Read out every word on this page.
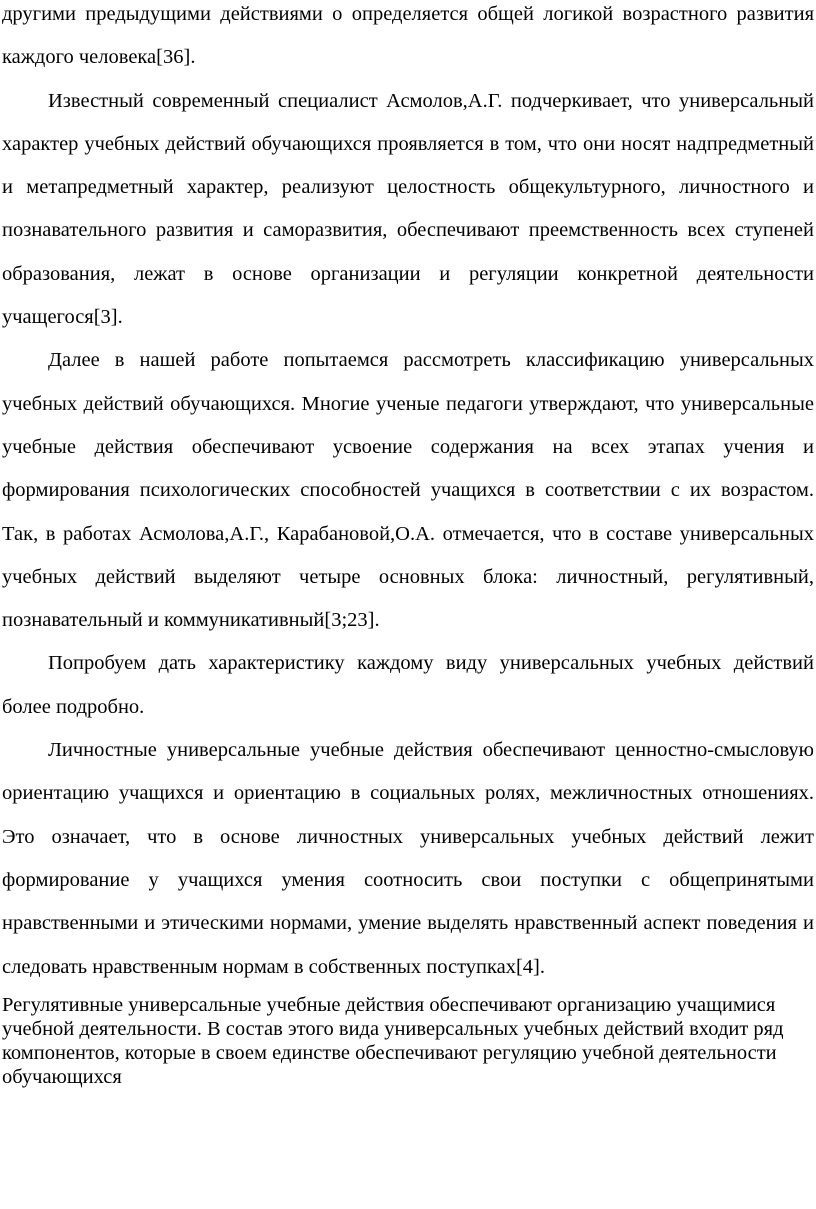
другими предыдущими действиями о определяется общей логикой возрастного развития каждого человека[36].

Известный современный специалист Асмолов,А.Г. подчеркивает, что универсальный характер учебных действий обучающихся проявляется в том, что они носят надпредметный и метапредметный характер, реализуют целостность общекультурного, личностного и познавательного развития и саморазвития, обеспечивают преемственность всех ступеней образования, лежат в основе организации и регуляции конкретной деятельности учащегося[3].

Далее в нашей работе попытаемся рассмотреть классификацию универсальных учебных действий обучающихся. Многие ученые педагоги утверждают, что универсальные учебные действия обеспечивают усвоение содержания на всех этапах учения и формирования психологических способностей учащихся в соответствии с их возрастом. Так, в работах Асмолова,А.Г., Карабановой,О.А. отмечается, что в составе универсальных учебных действий выделяют четыре основных блока: личностный, регулятивный, познавательный и коммуникативный[3;23].

Попробуем дать характеристику каждому виду универсальных учебных действий более подробно.

Личностные универсальные учебные действия обеспечивают ценностно-смысловую ориентацию учащихся и ориентацию в социальных ролях, межличностных отношениях. Это означает, что в основе личностных универсальных учебных действий лежит формирование у учащихся умения соотносить свои поступки с общепринятыми нравственными и этическими нормами, умение выделять нравственный аспект поведения и следовать нравственным нормам в собственных поступках[4].

Регулятивные универсальные учебные действия обеспечивают организацию учащимися учебной деятельности. В состав этого вида универсальных учебных действий входит ряд компонентов, которые в своем единстве обеспечивают регуляцию учебной деятельности обучающихся
